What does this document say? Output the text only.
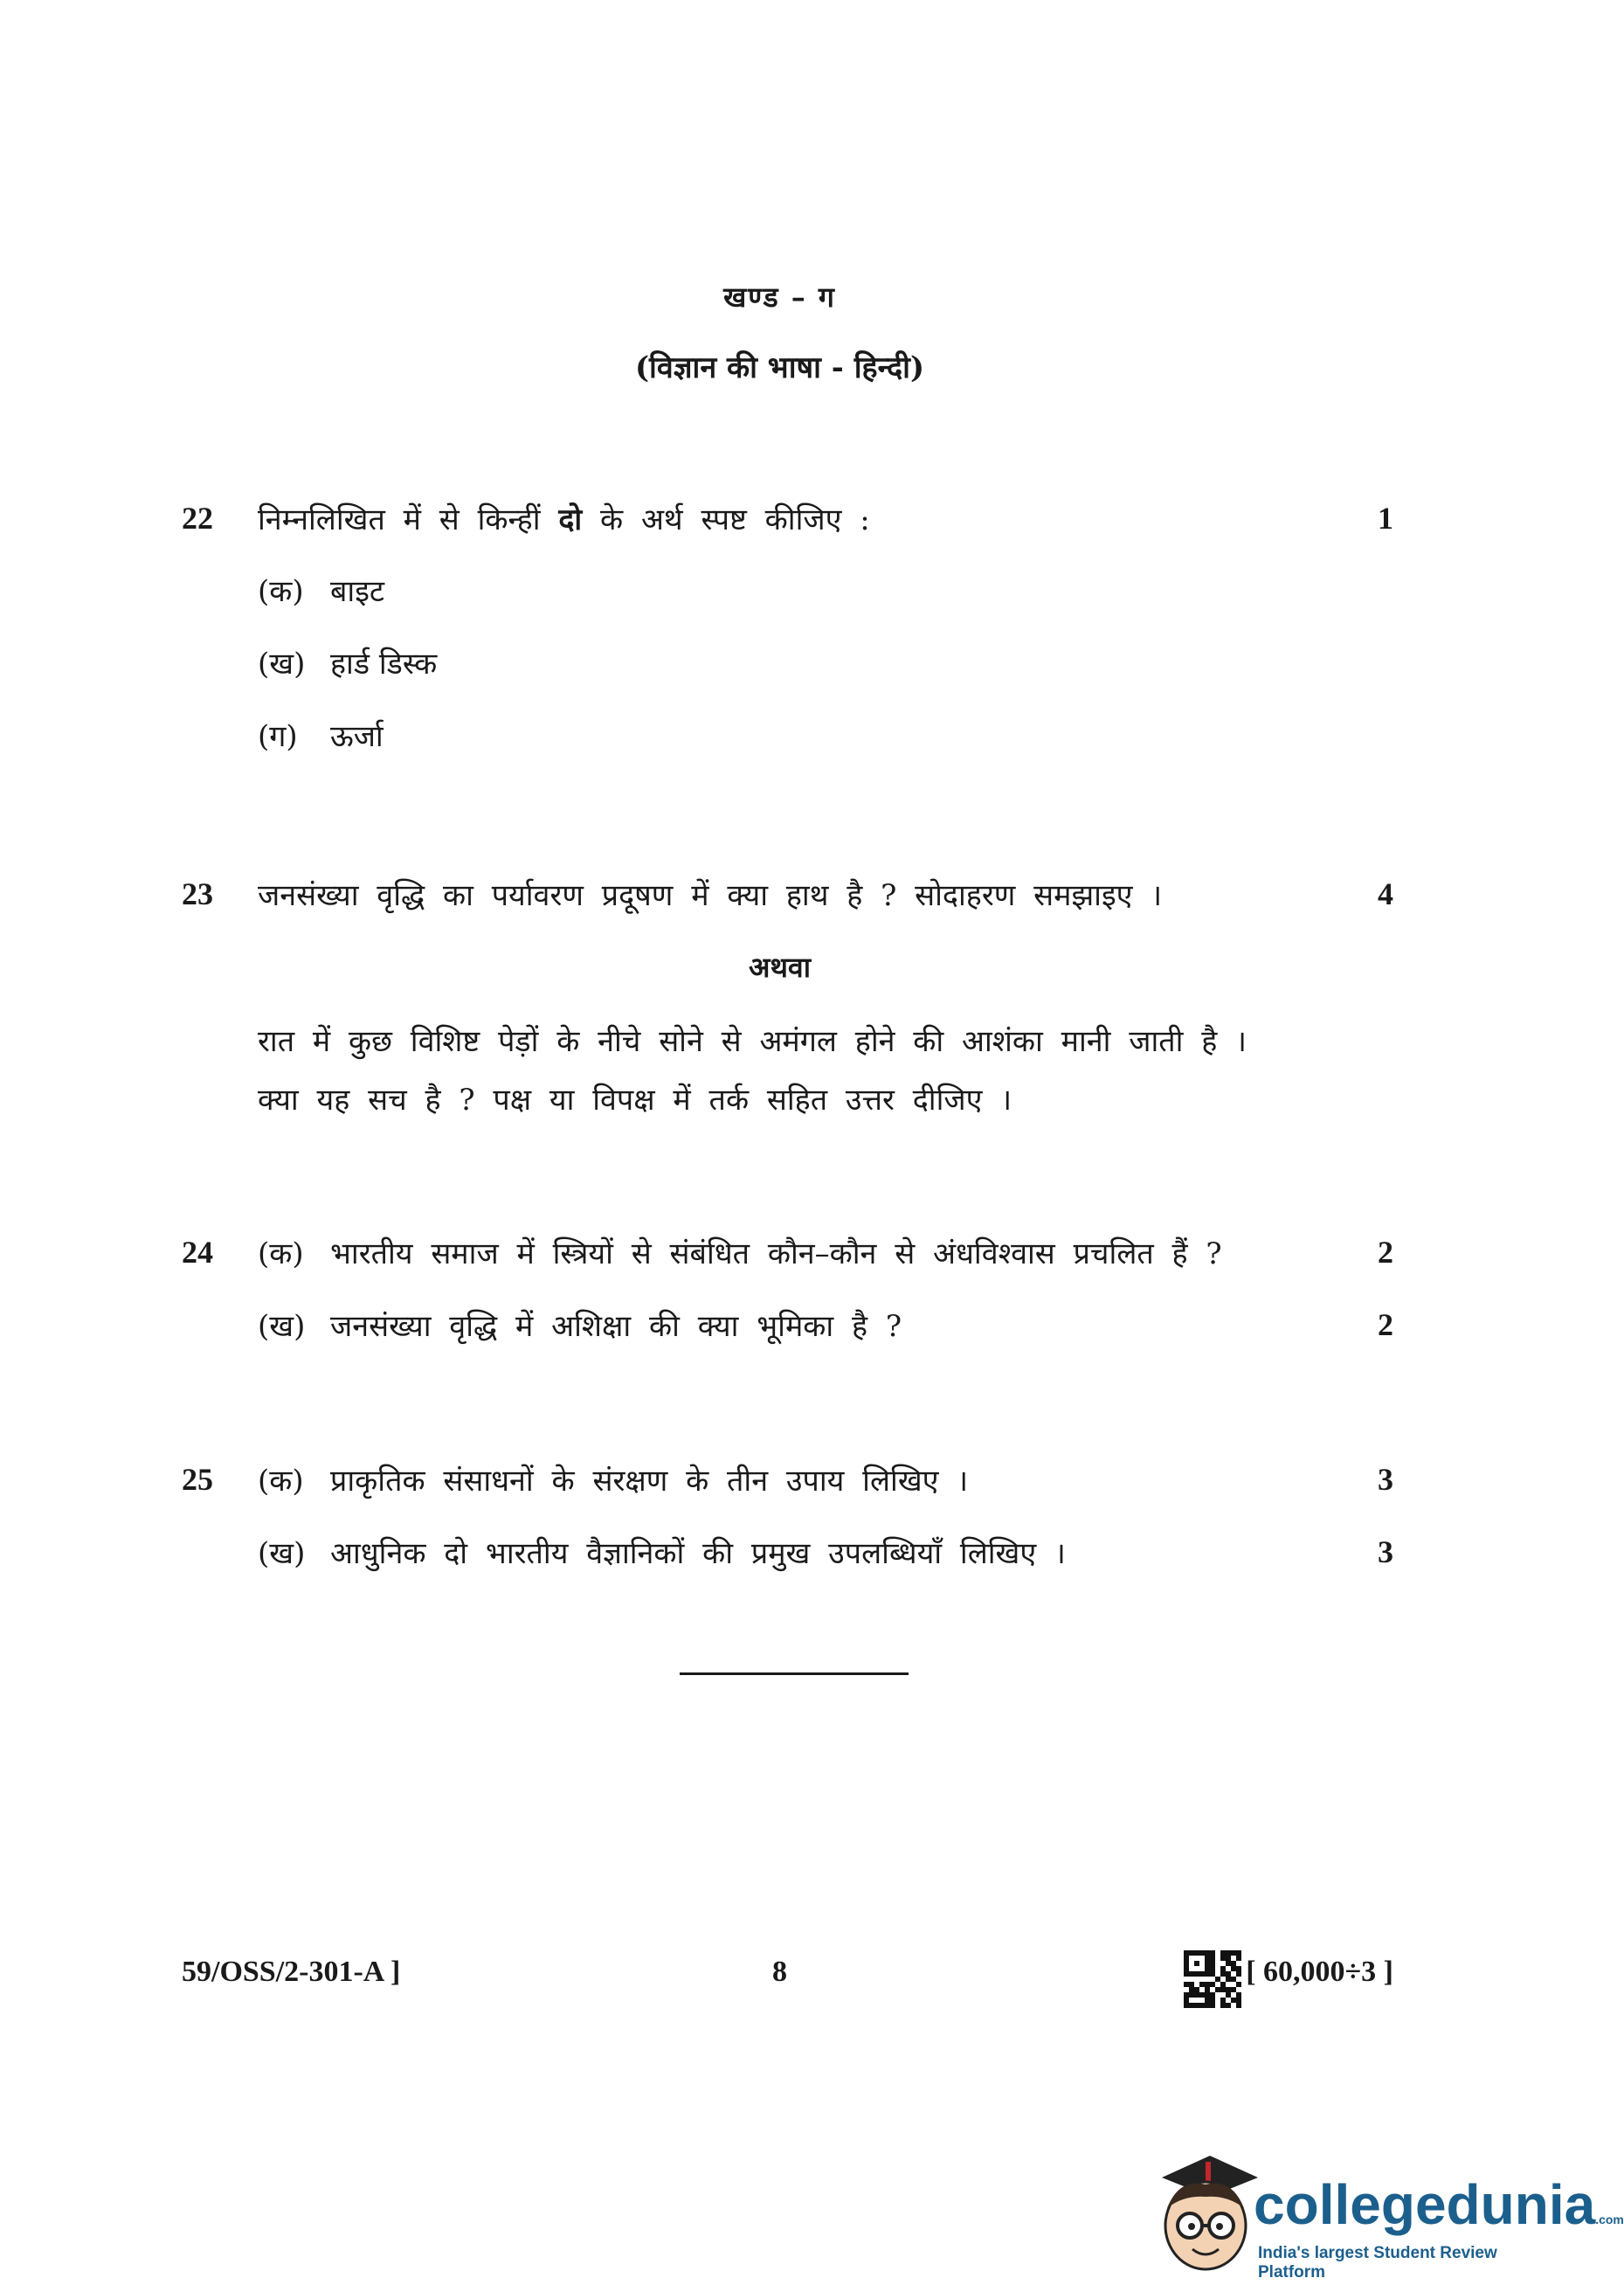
खण्ड – ग
(विज्ञान की भाषा - हिन्दी)
22 निम्नलिखित में से किन्हीं दो के अर्थ स्पष्ट कीजिए :	1
(क) बाइट
(ख) हार्ड डिस्क
(ग) ऊर्जा
23 जनसंख्या वृद्धि का पर्यावरण प्रदूषण में क्या हाथ है ? सोदाहरण समझाइए ।	4
अथवा
रात में कुछ विशिष्ट पेड़ों के नीचे सोने से अमंगल होने की आशंका मानी जाती है ।
क्या यह सच है ? पक्ष या विपक्ष में तर्क सहित उत्तर दीजिए ।
24 (क) भारतीय समाज में स्त्रियों से संबंधित कौन–कौन से अंधविश्वास प्रचलित हैं ?	2
(ख) जनसंख्या वृद्धि में अशिक्षा की क्या भूमिका है ?	2
25 (क) प्राकृतिक संसाधनों के संरक्षण के तीन उपाय लिखिए ।	3
(ख) आधुनिक दो भारतीय वैज्ञानिकों की प्रमुख उपलब्धियाँ लिखिए ।	3
59/OSS/2-301-A ]	8	[ 60,000÷3 ]
collegedunia.com
India's largest Student Review Platform
